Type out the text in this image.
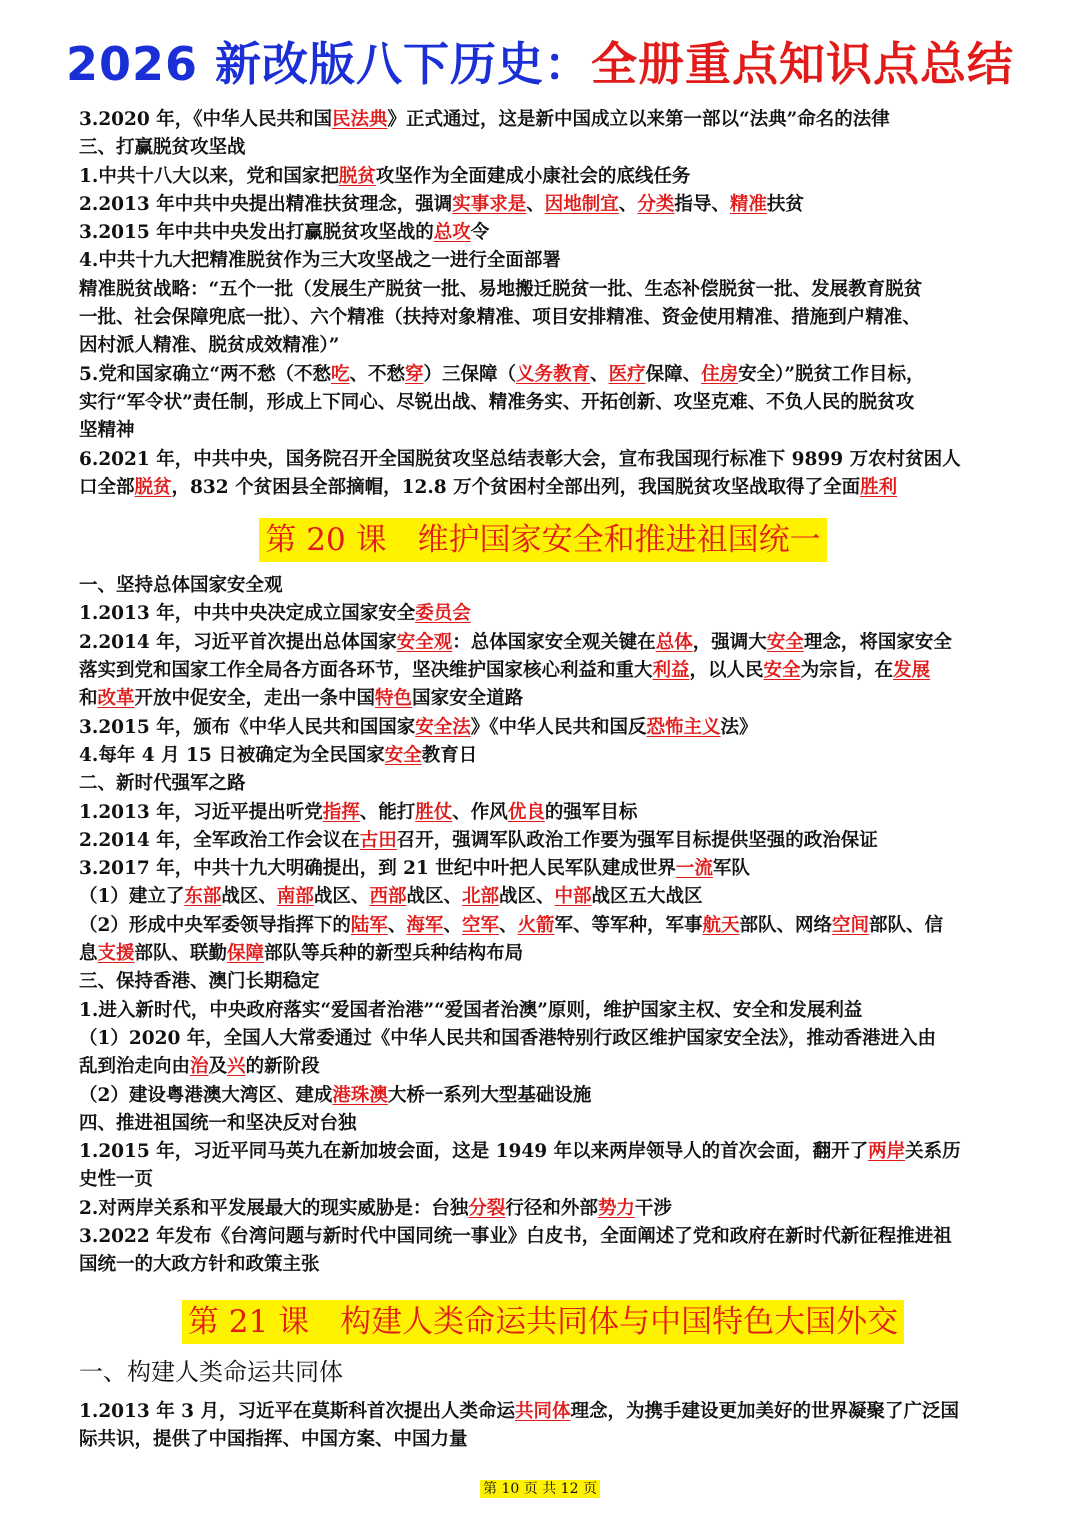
2026 新改版八下历史：全册重点知识点总结
3.2020 年，《中华人民共和国民法典》正式通过，这是新中国成立以来第一部以“法典”命名的法律
三、打赢脱贫攻坚战
1.中共十八大以来，党和国家把脱贫攻坚作为全面建成小康社会的底线任务
2.2013 年中共中央提出精准扶贫理念，强调实事求是、因地制宜、分类指导、精准扶贫
3.2015 年中共中央发出打赢脱贫攻坚战的总攻令
4.中共十九大把精准脱贫作为三大攻坚战之一进行全面部署
精准脱贫战略：“五个一批（发展生产脱贫一批、易地搬迁脱贫一批、生态补偿脱贫一批、发展教育脱贫
一批、社会保障兜底一批）、六个精准（扶持对象精准、项目安排精准、资金使用精准、措施到户精准、
因村派人精准、脱贫成效精准）”
5.党和国家确立“两不愁（不愁吃、不愁穿）三保障（义务教育、医疗保障、住房安全）”脱贫工作目标，
实行“军令状”责任制，形成上下同心、尽锐出战、精准务实、开拓创新、攻坚克难、不负人民的脱贫攻
坚精神
6.2021 年，中共中央，国务院召开全国脱贫攻坚总结表彰大会，宣布我国现行标准下 9899 万农村贫困人
口全部脱贫，832 个贫困县全部摘帽，12.8 万个贫困村全部出列，我国脱贫攻坚战取得了全面胜利
第 20 课　维护国家安全和推进祖国统一
一、坚持总体国家安全观
1.2013 年，中共中央决定成立国家安全委员会
2.2014 年，习近平首次提出总体国家安全观：总体国家安全观关键在总体，强调大安全理念，将国家安全
落实到党和国家工作全局各方面各环节，坚决维护国家核心利益和重大利益，以人民安全为宗旨，在发展
和改革开放中促安全，走出一条中国特色国家安全道路
3.2015 年，颁布《中华人民共和国国家安全法》《中华人民共和国反恐怖主义法》
4.每年 4 月 15 日被确定为全民国家安全教育日
二、新时代强军之路
1.2013 年，习近平提出听党指挥、能打胜仗、作风优良的强军目标
2.2014 年，全军政治工作会议在古田召开，强调军队政治工作要为强军目标提供坚强的政治保证
3.2017 年，中共十九大明确提出，到 21 世纪中叶把人民军队建成世界一流军队
（1）建立了东部战区、南部战区、西部战区、北部战区、中部战区五大战区
（2）形成中央军委领导指挥下的陆军、海军、空军、火箭军、等军种，军事航天部队、网络空间部队、信
息支援部队、联勤保障部队等兵种的新型兵种结构布局
三、保持香港、澳门长期稳定
1.进入新时代，中央政府落实“爱国者治港”“爱国者治澳”原则，维护国家主权、安全和发展利益
（1）2020 年，全国人大常委通过《中华人民共和国香港特别行政区维护国家安全法》，推动香港进入由
乱到治走向由治及兴的新阶段
（2）建设粤港澳大湾区、建成港珠澳大桥一系列大型基础设施
四、推进祖国统一和坚决反对台独
1.2015 年，习近平同马英九在新加坡会面，这是 1949 年以来两岸领导人的首次会面，翻开了两岸关系历
史性一页
2.对两岸关系和平发展最大的现实威胁是：台独分裂行径和外部势力干涉
3.2022 年发布《台湾问题与新时代中国同统一事业》白皮书，全面阐述了党和政府在新时代新征程推进祖
国统一的大政方针和政策主张
第 21 课　构建人类命运共同体与中国特色大国外交
一、构建人类命运共同体
1.2013 年 3 月，习近平在莫斯科首次提出人类命运共同体理念，为携手建设更加美好的世界凝聚了广泛国
际共识，提供了中国指挥、中国方案、中国力量
第 10 页 共 12 页
